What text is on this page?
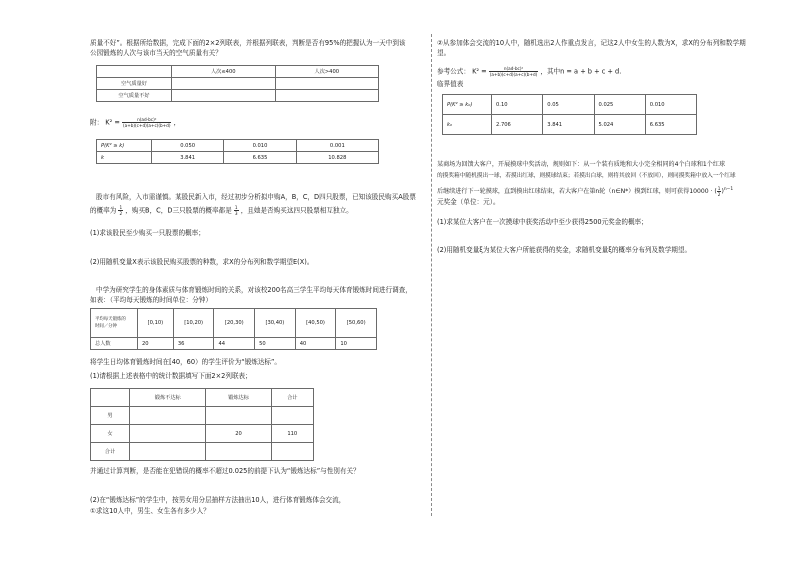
质量不好”。根据所给数据，完成下面的2×2列联表，并根据列联表，判断是否有95%的把握认为一天中到该
公园锻炼的人次与该市当天的空气质量有关？
	人次≤400	人次>400
空气质量好		
空气质量不好		
附： $K^2 = \frac{\text{n(ad-bc)²}}{(a+b)(c+d)(a+c)(b+d)}$ ，
P(K² ≥ k)	0.050	0.010	0.001
k	3.841	6.635	10.828
股市有风险，入市需谨慎。某股民新入市，经过初步分析拟申购A，B，C，D四只股票，已知该股民购买A股票
的概率为 $\frac{1}{2}$ ，购买B，C，D三只股票的概率都是 $\frac{1}{3}$ ，且她是否购买这四只股票相互独立。
(1)求该股民至少购买一只股票的概率；
(2)用随机变量X表示该股民购买股票的种数，求X的分布列和数学期望E(X)。
中学为研究学生的身体素质与体育锻炼时间的关系，对该校200名高三学生平均每天体育锻炼时间进行调查，
如表：（平均每天锻炼的时间单位：分钟）
平均每天锻炼的
时间／分钟	[0,10)	[10,20)	[20,30)	[30,40)	[40,50)	[50,60)
总人数	20	36	44	50	40	10
将学生日均体育锻炼时间在[40，60）的学生评价为“锻炼达标”。
(1)请根据上述表格中的统计数据填写下面2×2列联表；
	锻炼不达标	锻炼达标	合计
男			
女		20	110
合计			
并通过计算判断，是否能在犯错误的概率不超过0.025的前提下认为“锻炼达标”与性别有关？
(2)在“锻炼达标”的学生中，按男女用分层抽样方法抽出10人，进行体育锻炼体会交流，
①求这10人中，男生、女生各有多少人？
②从参加体会交流的10人中，随机选出2人作重点发言，记这2人中女生的人数为X，求X的分布列和数学期
望。
参考公式： $K^2 = \frac{\text{n(ad-bc)²}}{(a+b)(c+d)(a+c)(b+d)}$ ，其中n = a + b + c + d.
临界值表
P(K² ≥ k₀)	0.10	0.05	0.025	0.010
k₀	2.706	3.841	5.024	6.635
某商场为回馈大客户，开展摸球中奖活动，规则如下：从一个装有质地和大小完全相同的4个白球和1个红球
的摸奖箱中随机摸出一球，若摸出红球，则摸球结束；若摸出白球，则将其放回（不放回），则同摸奖箱中放入一个红球
后继续进行下一轮摸球，直到摸出红球结束，若大客户在第n轮（n∈N*）摸到红球，则可获得10000 · ( $\frac{1}{2} )^{n-1}$
元奖金（单位：元）。
(1)求某位大客户在一次摸球中获奖活动中至少获得2500元奖金的概率；
(2)用随机变量ξ为某位大客户所能获得的奖金，求随机变量ξ的概率分布列及数学期望。
